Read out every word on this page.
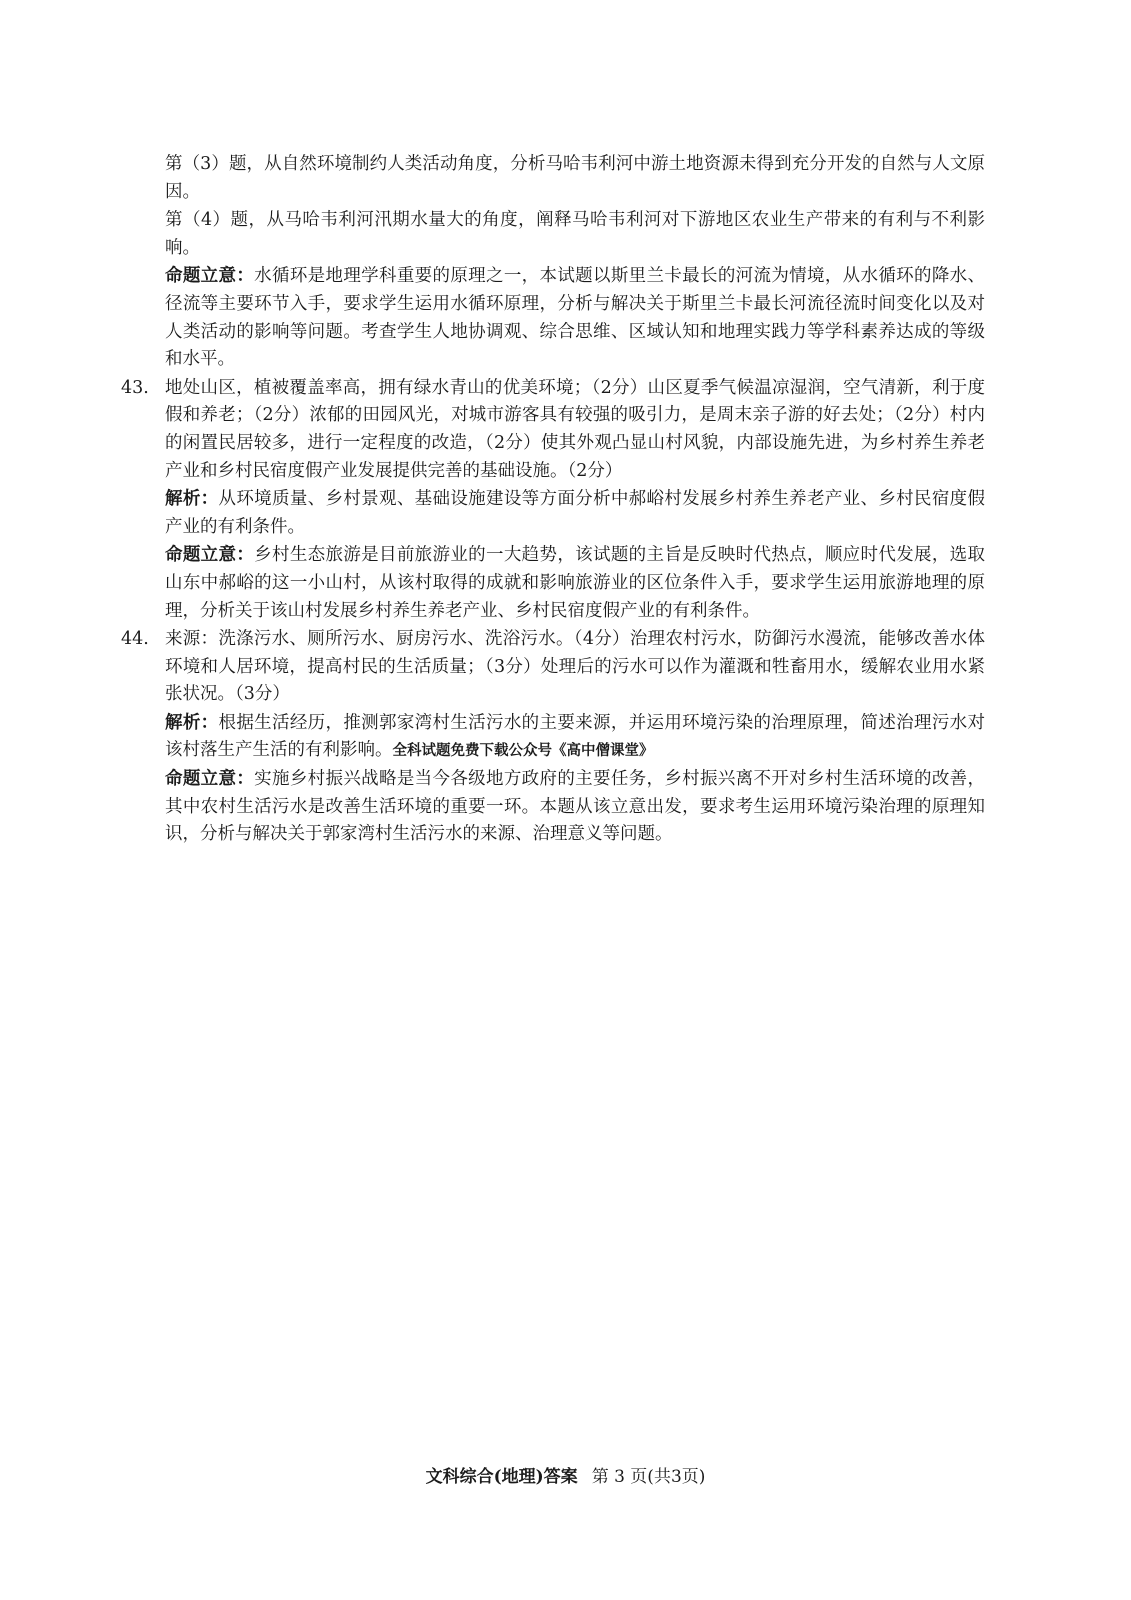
第（3）题，从自然环境制约人类活动角度，分析马哈韦利河中游土地资源未得到充分开发的自然与人文原因。

第（4）题，从马哈韦利河汛期水量大的角度，阐释马哈韦利河对下游地区农业生产带来的有利与不利影响。

命题立意：水循环是地理学科重要的原理之一，本试题以斯里兰卡最长的河流为情境，从水循环的降水、径流等主要环节入手，要求学生运用水循环原理，分析与解决关于斯里兰卡最长河流径流时间变化以及对人类活动的影响等问题。考查学生人地协调观、综合思维、区域认知和地理实践力等学科素养达成的等级和水平。

43. 地处山区，植被覆盖率高，拥有绿水青山的优美环境；（2分）山区夏季气候温凉湿润，空气清新，利于度假和养老；（2分）浓郁的田园风光，对城市游客具有较强的吸引力，是周末亲子游的好去处；（2分）村内的闲置民居较多，进行一定程度的改造，（2分）使其外观凸显山村风貌，内部设施先进，为乡村养生养老产业和乡村民宿度假产业发展提供完善的基础设施。（2分）

解析：从环境质量、乡村景观、基础设施建设等方面分析中郝峪村发展乡村养生养老产业、乡村民宿度假产业的有利条件。

命题立意：乡村生态旅游是目前旅游业的一大趋势，该试题的主旨是反映时代热点，顺应时代发展，选取山东中郝峪的这一小山村，从该村取得的成就和影响旅游业的区位条件入手，要求学生运用旅游地理的原理，分析关于该山村发展乡村养生养老产业、乡村民宿度假产业的有利条件。

44. 来源：洗涤污水、厕所污水、厨房污水、洗浴污水。（4分）治理农村污水，防御污水漫流，能够改善水体环境和人居环境，提高村民的生活质量；（3分）处理后的污水可以作为灌溉和牲畜用水，缓解农业用水紧张状况。（3分）

解析：根据生活经历，推测郭家湾村生活污水的主要来源，并运用环境污染的治理原理，简述治理污水对该村落生产生活的有利影响。全科试题免费下载公众号《高中僧课堂》

命题立意：实施乡村振兴战略是当今各级地方政府的主要任务，乡村振兴离不开对乡村生活环境的改善，其中农村生活污水是改善生活环境的重要一环。本题从该立意出发，要求考生运用环境污染治理的原理知识，分析与解决关于郭家湾村生活污水的来源、治理意义等问题。

文科综合(地理)答案 第 3 页(共3页)
